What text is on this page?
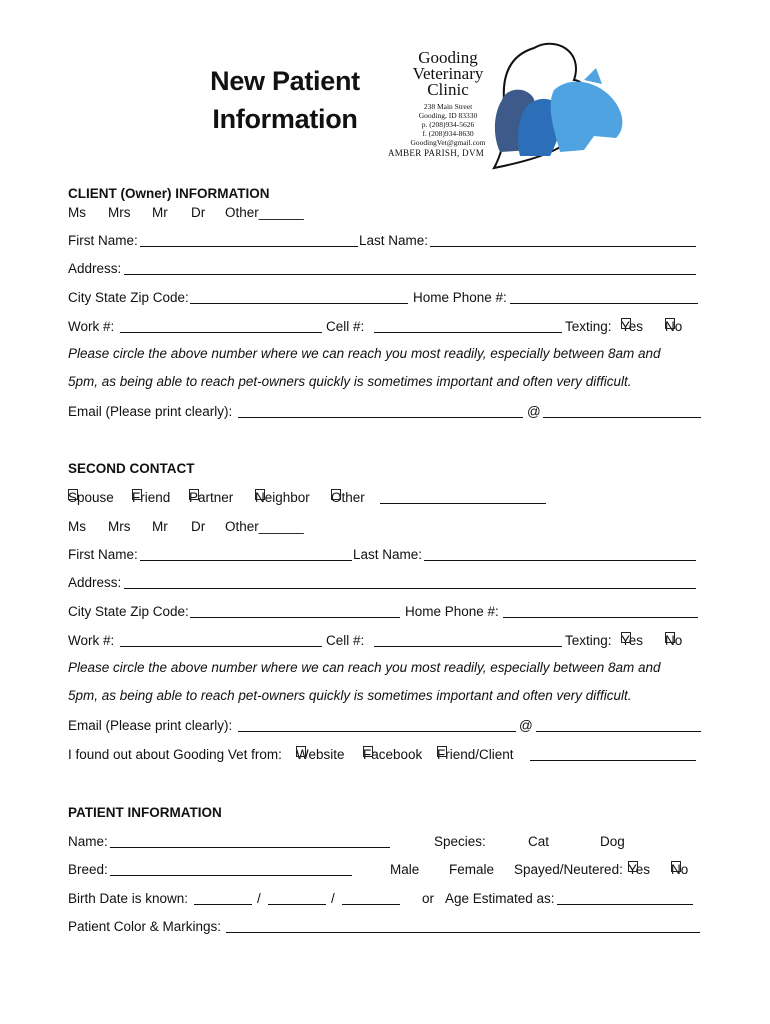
New Patient
Information
Gooding
Veterinary
Clinic
238 Main Street
Gooding, ID 83330
p. (208)934-5626
f. (208)934-8630
GoodingVet@gmail.com
AMBER PARISH, DVM
CLIENT (Owner) INFORMATION
Ms Mrs Mr Dr Other______
First Name:	Last Name:
Address:
City State Zip Code:	Home Phone #:
Work #:	Cell #:	Texting: Yes No
Please circle the above number where we can reach you most readily, especially between 8am and
5pm, as being able to reach pet-owners quickly is sometimes important and often very difficult.
Email (Please print clearly):	@
SECOND CONTACT
Spouse Friend Partner Neighbor Other
Ms Mrs Mr Dr Other______
First Name:	Last Name:
Address:
City State Zip Code:	Home Phone #:
Work #:	Cell #:	Texting: Yes No
Please circle the above number where we can reach you most readily, especially between 8am and
5pm, as being able to reach pet-owners quickly is sometimes important and often very difficult.
Email (Please print clearly):	@
I found out about Gooding Vet from: Website Facebook Friend/Client
PATIENT INFORMATION
Name:	Species:	Cat	Dog
Breed:	Male Female Spayed/Neutered: Yes No
Birth Date is known:	/	/	or Age Estimated as:
Patient Color & Markings:
